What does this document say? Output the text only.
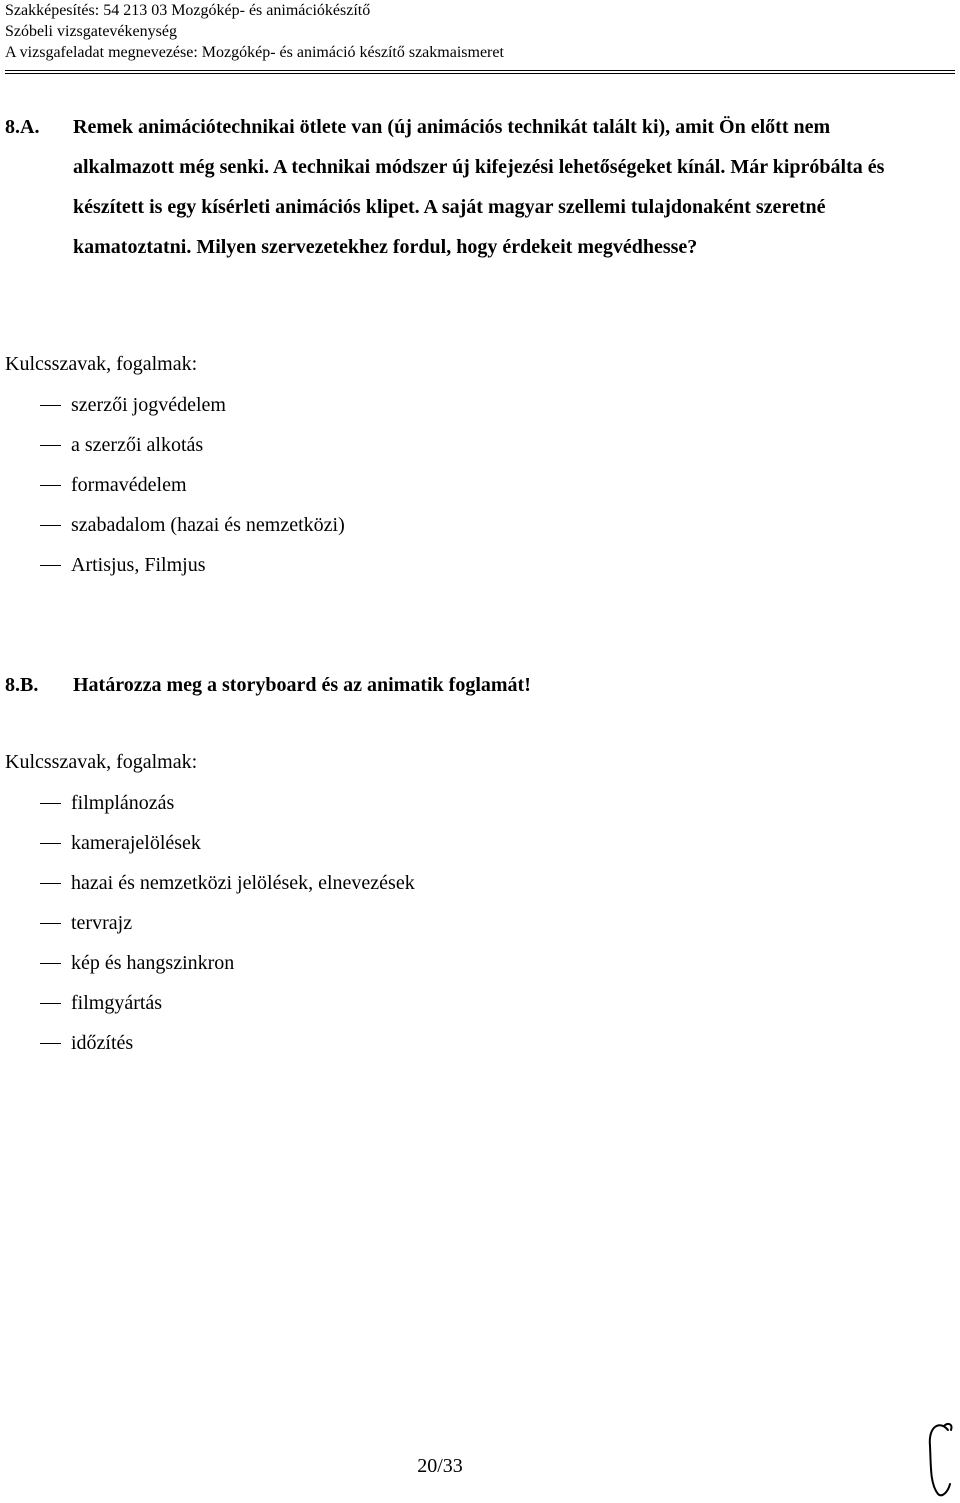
Szakképesítés: 54 213 03 Mozgókép- és animációkészítő
Szóbeli vizsgatevékenység
A vizsgafeladat megnevezése: Mozgókép- és animáció készítő szakmaismeret
8.A. Remek animációtechnikai ötlete van (új animációs technikát talált ki), amit Ön előtt nem alkalmazott még senki. A technikai módszer új kifejezési lehetőségeket kínál. Már kipróbálta és készített is egy kísérleti animációs klipet. A saját magyar szellemi tulajdonaként szeretné kamatoztatni. Milyen szervezetekhez fordul, hogy érdekeit megvédhesse?
Kulcsszavak, fogalmak:
szerzői jogvédelem
a szerzői alkotás
formavédelem
szabadalom (hazai és nemzetközi)
Artisjus, Filmjus
8.B. Határozza meg a storyboard és az animatik foglamát!
Kulcsszavak, fogalmak:
filmplánozás
kamerajelölések
hazai és nemzetközi jelölések, elnevezések
tervrajz
kép és hangszinkron
filmgyártás
időzítés
20/33
